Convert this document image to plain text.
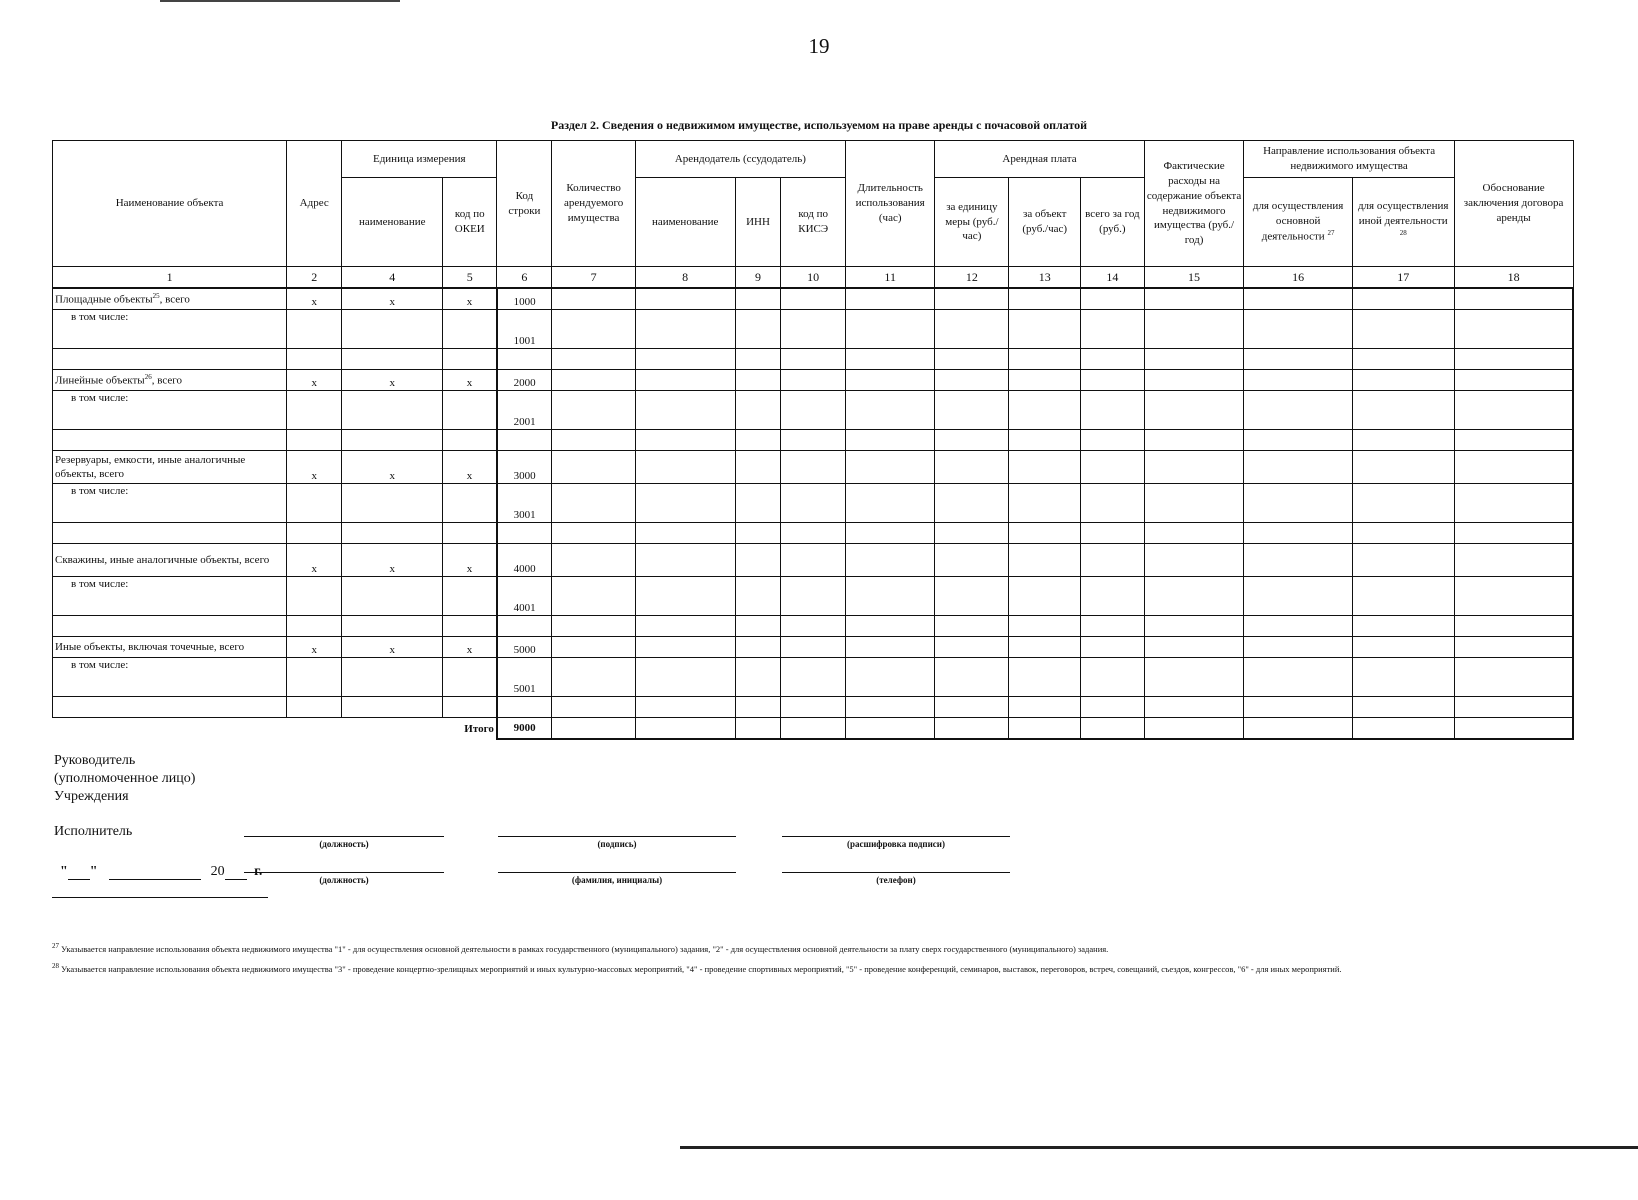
19
Раздел 2. Сведения о недвижимом имуществе, используемом на праве аренды с почасовой оплатой
Наименование объекта	Адрес	Единица измерения		Код строки	Количество арендуемого имущества	Арендодатель (ссудодатель)			Длительность использования (час)	Арендная плата			Фактические расходы на содержание объекта недвижимого имущества (руб./год)	Направление использования объекта недвижимого имущества		Обоснование заключения договора аренды
		наименование	код по ОКЕИ			наименование	ИНН	код по КИСЭ		за единицу меры (руб./час)	за объект (руб./час)	всего за год (руб.)		для осуществления основной деятельности $^{27}$	для осуществления иной деятельности $^{28}$
1	2	4	5	6	7	8	9	10	11	12	13	14	15	16	17	18
Площадные объекты$^{25}$, всего	x	x	x	1000												
в том числе:				1001												

Линейные объекты$^{26}$, всего	x	x	x	2000												
в том числе:				2001												

Резервуары, емкости, иные аналогичные объекты, всего	x	x	x	3000												
в том числе:				3001												

Скважины, иные аналогичные объекты, всего	x	x	x	4000												
в том числе:				4001												

Иные объекты, включая точечные, всего	x	x	x	5000												
в том числе:				5001												

			Итого	9000												
Руководитель
(уполномоченное лицо)
Учреждения
(должность)	(подпись)	(расшифровка подписи)
Исполнитель
(должность)	(фамилия, инициалы)	(телефон)
" "	20 г.
$^{27}$ Указывается направление использования объекта недвижимого имущества "1" - для осуществления основной деятельности в рамках государственного (муниципального) задания, "2" - для осуществления основной деятельности за плату сверх государственного (муниципального) задания.
$^{28}$ Указывается направление использования объекта недвижимого имущества "3" - проведение концертно-зрелищных мероприятий и иных культурно-массовых мероприятий, "4" - проведение спортивных мероприятий, "5" - проведение конференций, семинаров, выставок, переговоров, встреч, совещаний, съездов, конгрессов, "6" - для иных мероприятий.
